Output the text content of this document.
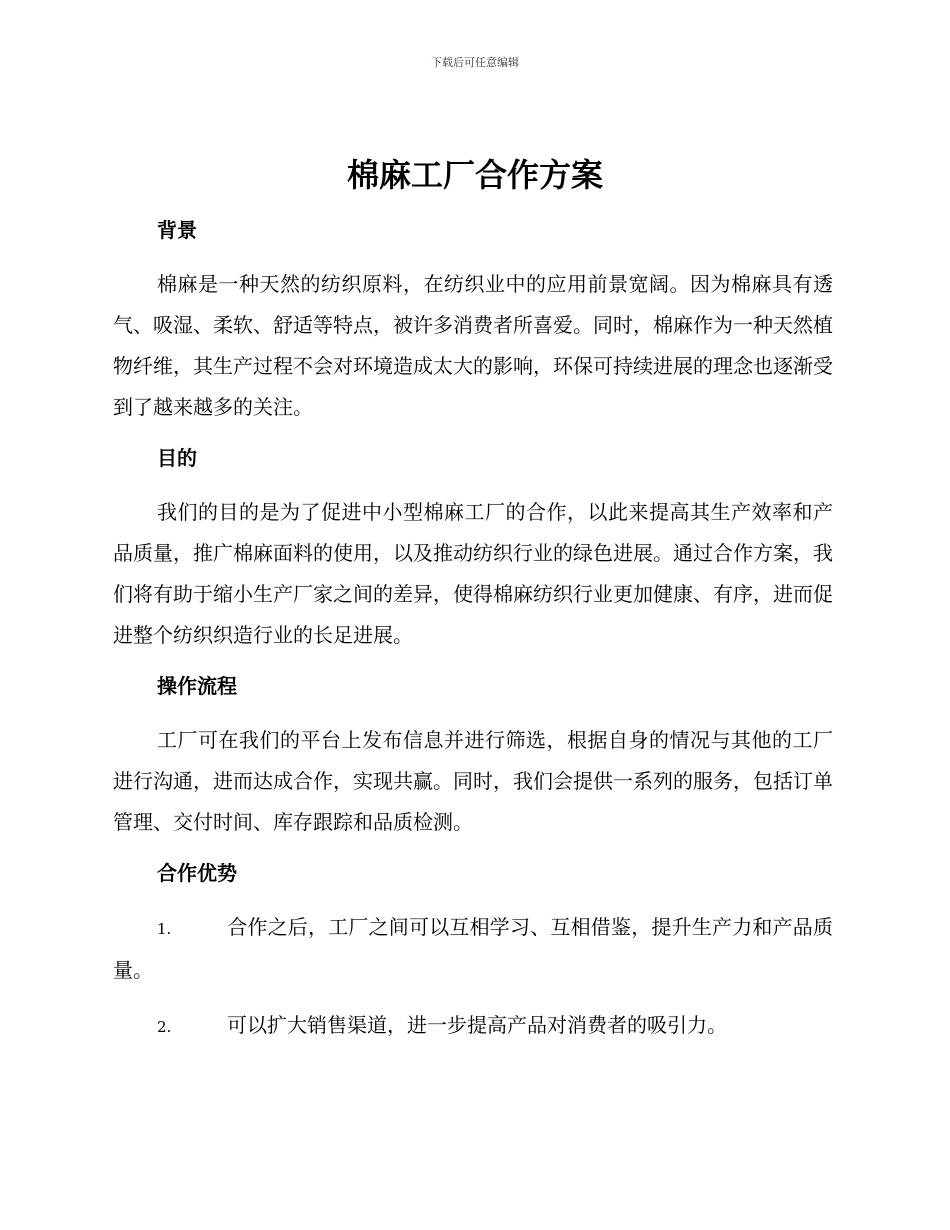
下载后可任意编辑
棉麻工厂合作方案
背景

棉麻是一种天然的纺织原料，在纺织业中的应用前景宽阔。因为棉麻具有透气、吸湿、柔软、舒适等特点，被许多消费者所喜爱。同时，棉麻作为一种天然植物纤维，其生产过程不会对环境造成太大的影响，环保可持续进展的理念也逐渐受到了越来越多的关注。

目的

我们的目的是为了促进中小型棉麻工厂的合作，以此来提高其生产效率和产品质量，推广棉麻面料的使用，以及推动纺织行业的绿色进展。通过合作方案，我们将有助于缩小生产厂家之间的差异，使得棉麻纺织行业更加健康、有序，进而促进整个纺织织造行业的长足进展。

操作流程

工厂可在我们的平台上发布信息并进行筛选，根据自身的情况与其他的工厂进行沟通，进而达成合作，实现共赢。同时，我们会提供一系列的服务，包括订单管理、交付时间、库存跟踪和品质检测。

合作优势

1.	合作之后，工厂之间可以互相学习、互相借鉴，提升生产力和产品质量。

2.	可以扩大销售渠道，进一步提高产品对消费者的吸引力。
